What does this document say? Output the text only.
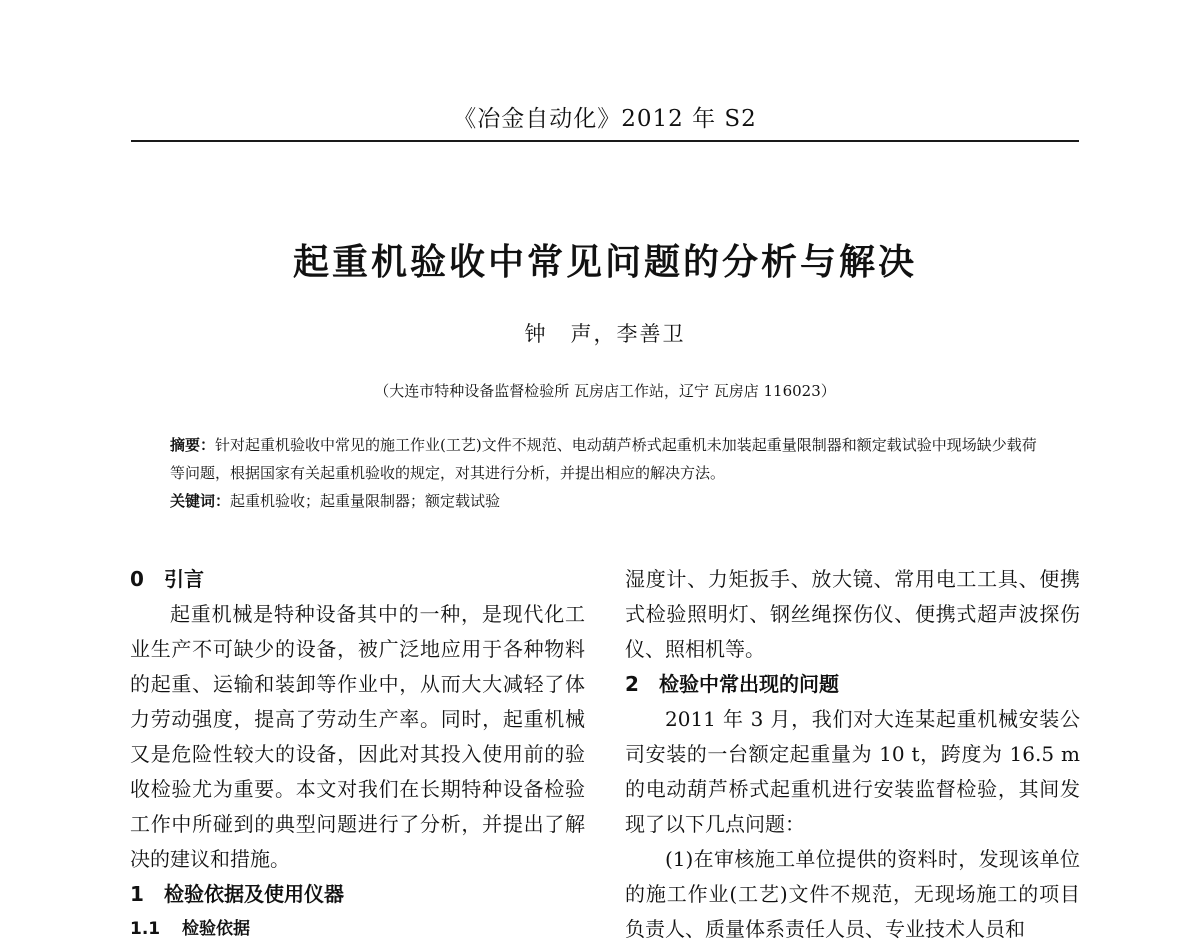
《冶金自动化》2012 年 S2
起重机验收中常见问题的分析与解决
钟　声，李善卫
（大连市特种设备监督检验所 瓦房店工作站，辽宁 瓦房店 116023）

摘要：针对起重机验收中常见的施工作业(工艺)文件不规范、电动葫芦桥式起重机未加装起重量限制器和额定载试验中现场缺少载荷等问题，根据国家有关起重机验收的规定，对其进行分析，并提出相应的解决方法。

关键词：起重机验收；起重量限制器；额定载试验

0 引言

起重机械是特种设备其中的一种，是现代化工业生产不可缺少的设备，被广泛地应用于各种物料的起重、运输和装卸等作业中，从而大大减轻了体力劳动强度，提高了劳动生产率。同时，起重机械又是危险性较大的设备，因此对其投入使用前的验收检验尤为重要。本文对我们在长期特种设备检验工作中所碰到的典型问题进行了分析，并提出了解决的建议和措施。

1 检验依据及使用仪器

1.1 检验依据

湿度计、力矩扳手、放大镜、常用电工工具、便携式检验照明灯、钢丝绳探伤仪、便携式超声波探伤仪、照相机等。

2 检验中常出现的问题

2011 年 3 月，我们对大连某起重机械安装公司安装的一台额定起重量为 10 t，跨度为 16.5 m 的电动葫芦桥式起重机进行安装监督检验，其间发现了以下几点问题：

(1)在审核施工单位提供的资料时，发现该单位的施工作业(工艺)文件不规范，无现场施工的项目负责人、质量体系责任人员、专业技术人员和
